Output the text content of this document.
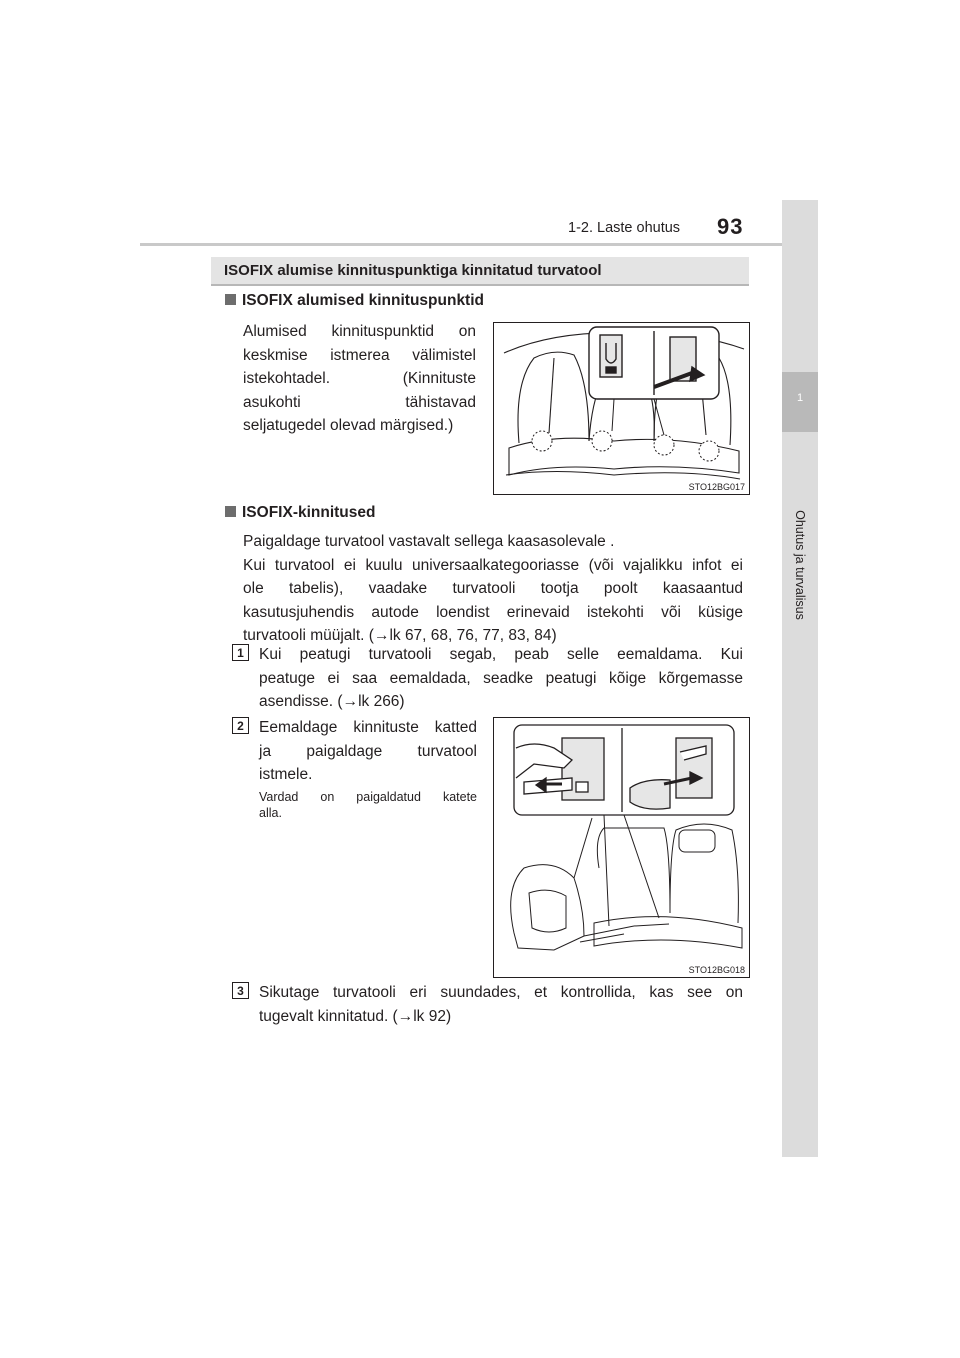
1-2. Laste ohutus 93
1
Ohutus ja turvalisus
ISOFIX alumise kinnituspunktiga kinnitatud turvatool
ISOFIX alumised kinnituspunktid
Alumised kinnituspunktid on
keskmise istmerea välimistel
istekohtadel. (Kinnituste
asukohti tähistavad
seljatugedel olevad märgised.)
STO12BG017
ISOFIX-kinnitused
Paigaldage turvatool vastavalt sellega kaasasolevale .
Kui turvatool ei kuulu universaalkategooriasse (või vajalikku infot ei
ole tabelis), vaadake turvatooli tootja poolt kaasaantud
kasutusjuhendis autode loendist erinevaid istekohti või küsige
turvatooli müüjalt. (→lk 67, 68, 76, 77, 83, 84)
1 Kui peatugi turvatooli segab, peab selle eemaldama. Kui
peatuge ei saa eemaldada, seadke peatugi kõige kõrgemasse
asendisse. (→lk 266)
2 Eemaldage kinnituste katted
ja paigaldage turvatool
istmele.
Vardad on paigaldatud katete
alla.
STO12BG018
3 Sikutage turvatooli eri suundades, et kontrollida, kas see on
tugevalt kinnitatud. (→lk 92)
